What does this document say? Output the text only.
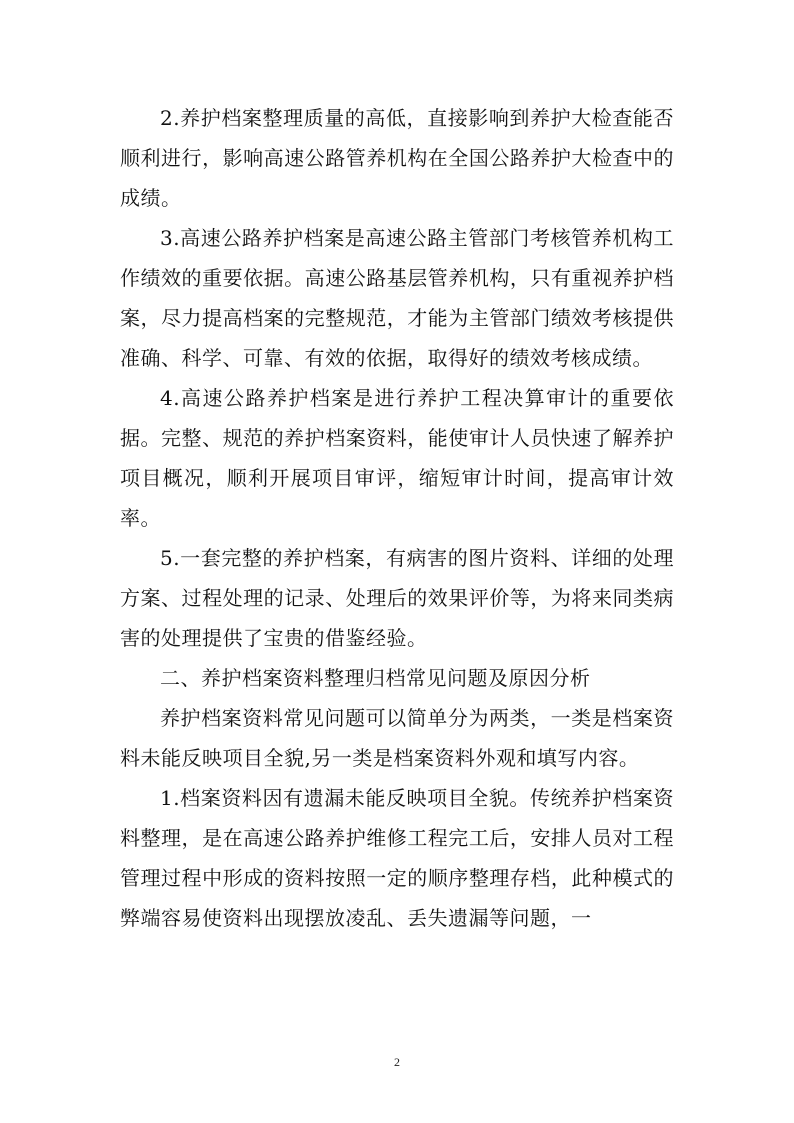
2.养护档案整理质量的高低，直接影响到养护大检查能否顺利进行，影响高速公路管养机构在全国公路养护大检查中的成绩。

3.高速公路养护档案是高速公路主管部门考核管养机构工作绩效的重要依据。高速公路基层管养机构，只有重视养护档案，尽力提高档案的完整规范，才能为主管部门绩效考核提供准确、科学、可靠、有效的依据，取得好的绩效考核成绩。

4.高速公路养护档案是进行养护工程决算审计的重要依据。完整、规范的养护档案资料，能使审计人员快速了解养护项目概况，顺利开展项目审评，缩短审计时间，提高审计效率。

5.一套完整的养护档案，有病害的图片资料、详细的处理方案、过程处理的记录、处理后的效果评价等，为将来同类病害的处理提供了宝贵的借鉴经验。

二、养护档案资料整理归档常见问题及原因分析

养护档案资料常见问题可以简单分为两类，一类是档案资料未能反映项目全貌,另一类是档案资料外观和填写内容。

1.档案资料因有遗漏未能反映项目全貌。传统养护档案资料整理，是在高速公路养护维修工程完工后，安排人员对工程管理过程中形成的资料按照一定的顺序整理存档，此种模式的弊端容易使资料出现摆放凌乱、丢失遗漏等问题，一

2
